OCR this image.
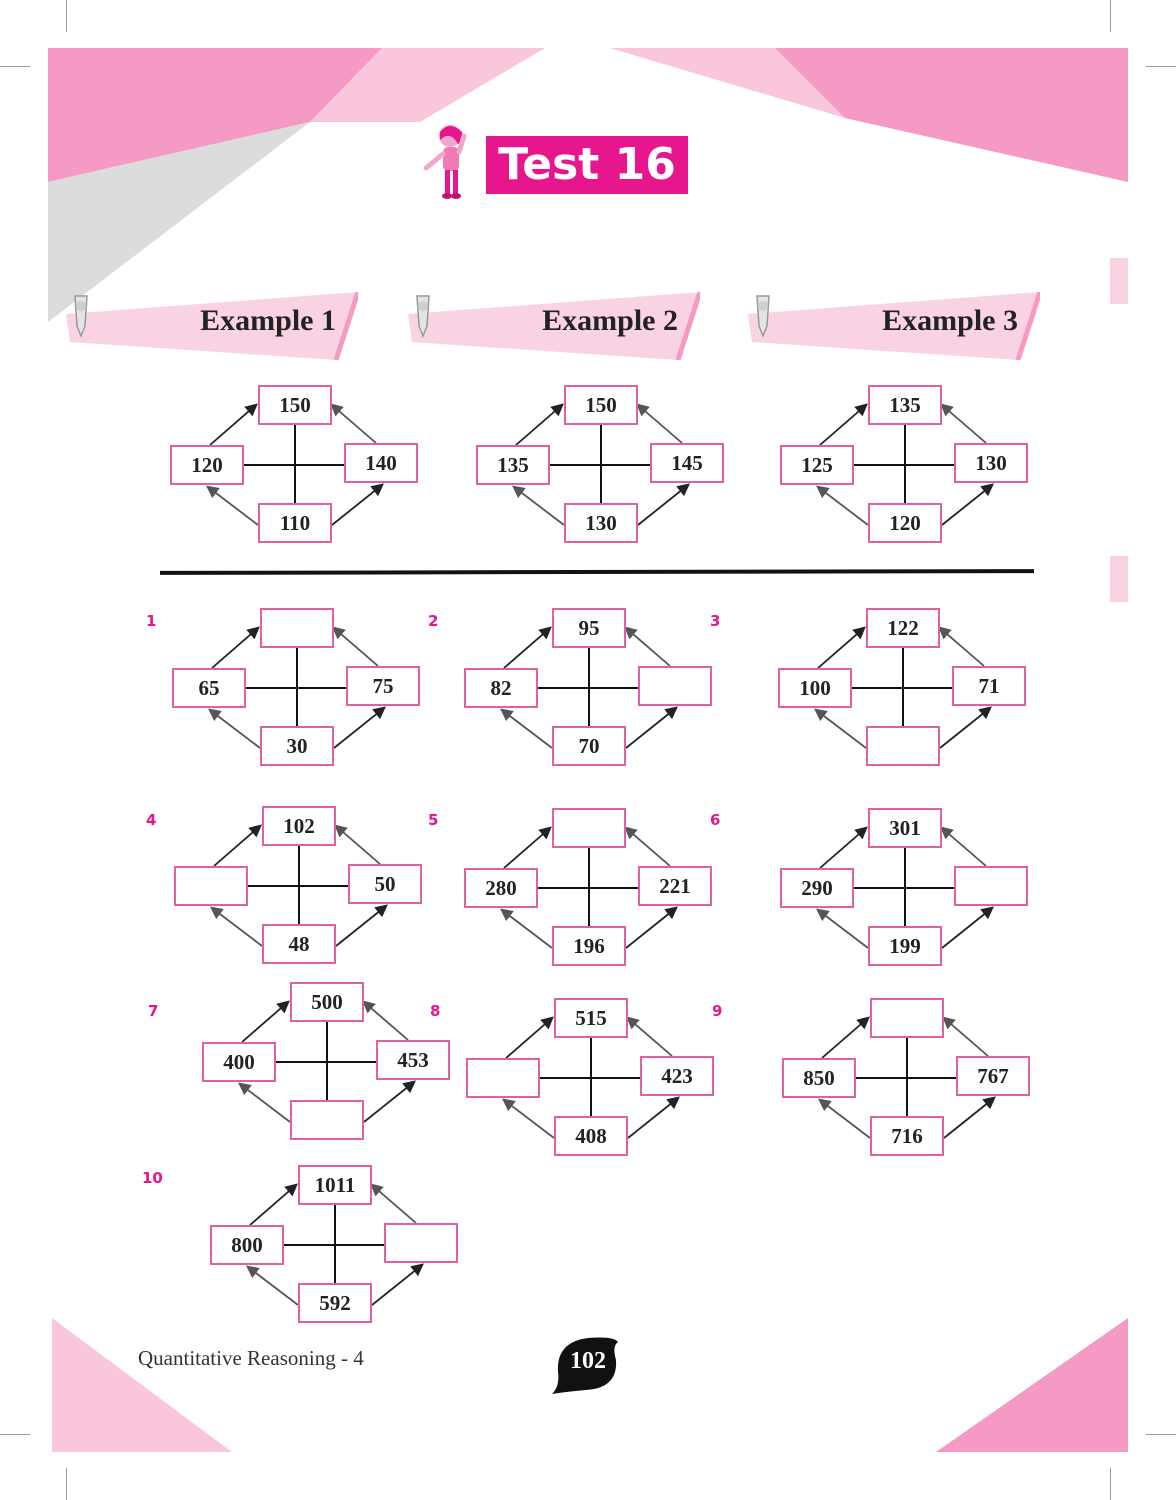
Test 16
Example 1	Example 2	Example 3
150
120	140
110
150
135	145
130
135
125	130
120
1	2	3
4	5	6
7	8	9
10
65	75
30
95
82
70
122
100	71
102
50
48
280	221
196
301
290
199
500
400	453
515
423
408
850	767
716
1011
800
592
Quantitative Reasoning - 4	102
